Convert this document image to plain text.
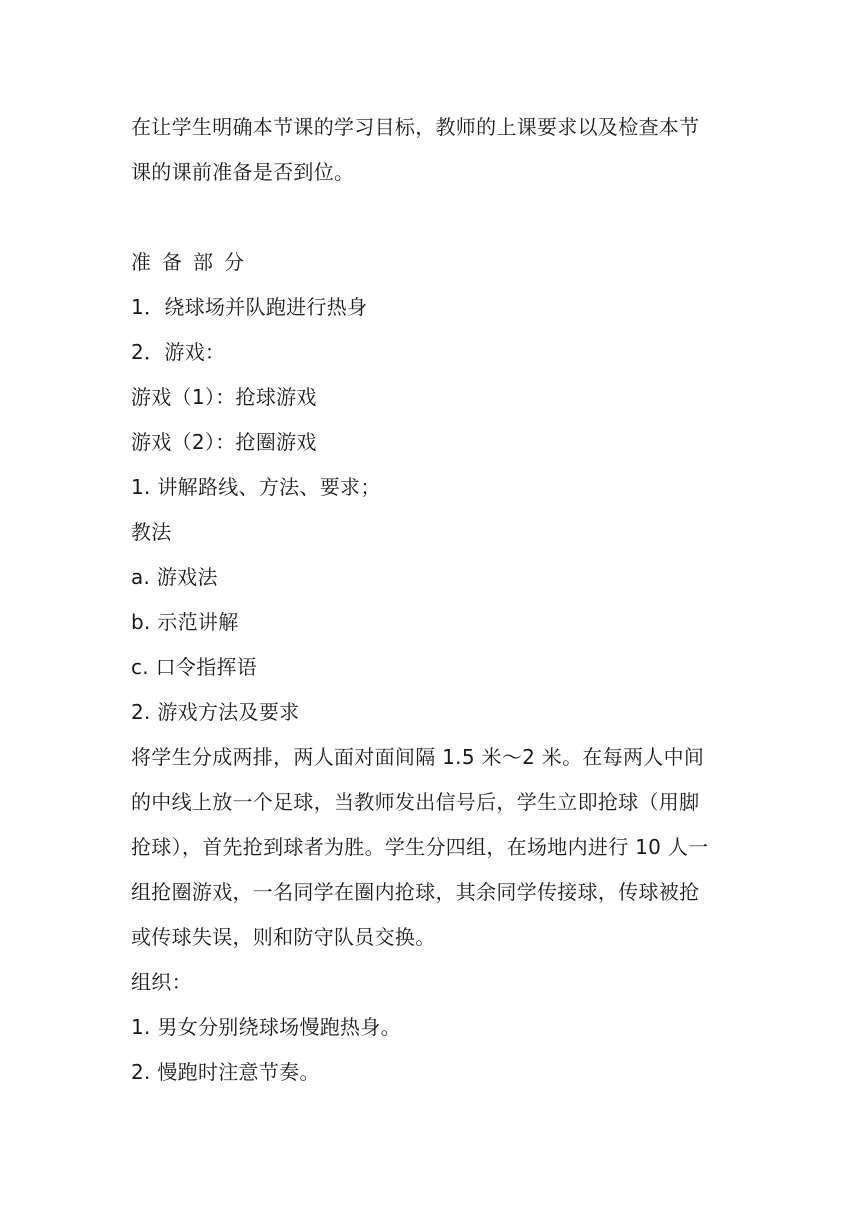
在让学生明确本节课的学习目标，教师的上课要求以及检查本节
课的课前准备是否到位。
准备部分
1．绕球场并队跑进行热身
2．游戏：
游戏（1）：抢球游戏
游戏（2）：抢圈游戏
1. 讲解路线、方法、要求；
教法
a. 游戏法
b. 示范讲解
c. 口令指挥语
2. 游戏方法及要求
将学生分成两排，两人面对面间隔 1.5 米～2 米。在每两人中间
的中线上放一个足球，当教师发出信号后，学生立即抢球（用脚
抢球），首先抢到球者为胜。学生分四组，在场地内进行 10 人一
组抢圈游戏，一名同学在圈内抢球，其余同学传接球，传球被抢
或传球失误，则和防守队员交换。
组织：
1. 男女分别绕球场慢跑热身。
2. 慢跑时注意节奏。
